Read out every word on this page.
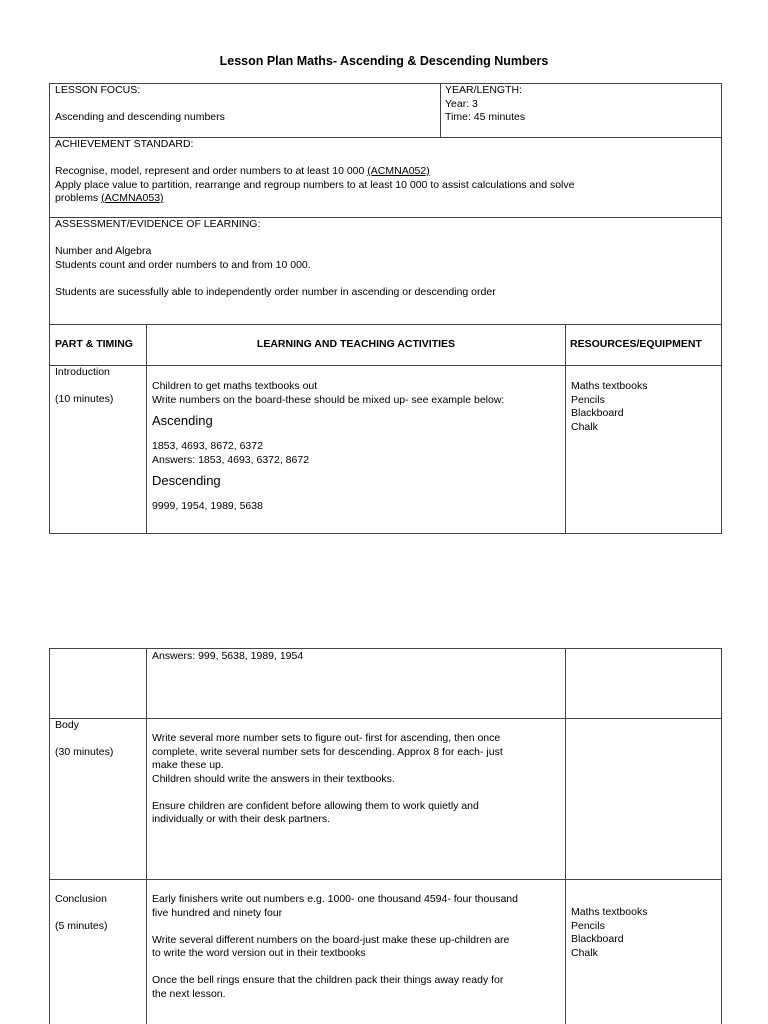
Lesson Plan Maths- Ascending & Descending Numbers
LESSON FOCUS:
Ascending and descending numbers
YEAR/LENGTH:
Year: 3
Time: 45 minutes
ACHIEVEMENT STANDARD:
Recognise, model, represent and order numbers to at least 10 000 (ACMNA052)
Apply place value to partition, rearrange and regroup numbers to at least 10 000 to assist calculations and solve
problems (ACMNA053)
ASSESSMENT/EVIDENCE OF LEARNING:
Number and Algebra
Students count and order numbers to and from 10 000.
Students are sucessfully able to independently order number in ascending or descending order
PART & TIMING	LEARNING AND TEACHING ACTIVITIES	RESOURCES/EQUIPMENT
Introduction
(10 minutes)
Children to get maths textbooks out
Write numbers on the board-these should be mixed up- see example below:
Ascending
1853, 4693, 8672, 6372
Answers: 1853, 4693, 6372, 8672
Descending
9999, 1954, 1989, 5638
Maths textbooks
Pencils
Blackboard
Chalk
Answers: 999, 5638, 1989, 1954
Body
(30 minutes)
Write several more number sets to figure out- first for ascending, then once
complete, write several number sets for descending. Approx 8 for each- just
make these up.
Children should write the answers in their textbooks.
Ensure children are confident before allowing them to work quietly and
individually or with their desk partners.
Conclusion
(5 minutes)
Early finishers write out numbers e.g. 1000- one thousand 4594- four thousand
five hundred and ninety four
Write several different numbers on the board-just make these up-children are
to write the word version out in their textbooks
Once the bell rings ensure that the children pack their things away ready for
the next lesson.
Maths textbooks
Pencils
Blackboard
Chalk
